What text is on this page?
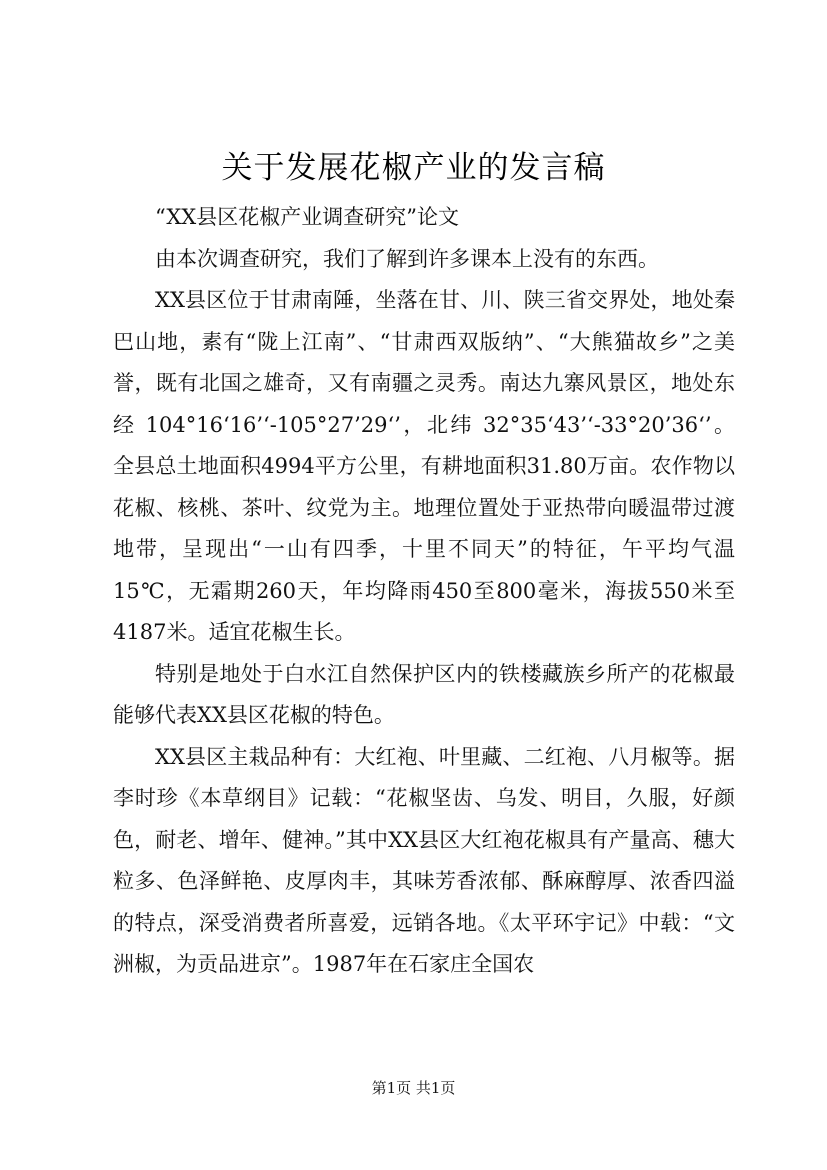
关于发展花椒产业的发言稿

“XX县区花椒产业调查研究”论文

由本次调查研究，我们了解到许多课本上没有的东西。

XX县区位于甘肃南陲，坐落在甘、川、陕三省交界处，地处秦巴山地，素有“陇上江南”、“甘肃西双版纳”、“大熊猫故乡”之美誉，既有北国之雄奇，又有南疆之灵秀。南达九寨风景区，地处东经 104°16‘16’‘-105°27’29‘’，北纬 32°35‘43’‘-33°20’36‘’。全县总土地面积4994平方公里，有耕地面积31.80万亩。农作物以花椒、核桃、茶叶、纹党为主。地理位置处于亚热带向暖温带过渡地带，呈现出“一山有四季，十里不同天”的特征，午平均气温15℃，无霜期260天，年均降雨450至800毫米，海拔550米至4187米。适宜花椒生长。

特别是地处于白水江自然保护区内的铁楼藏族乡所产的花椒最能够代表XX县区花椒的特色。

XX县区主栽品种有：大红袍、叶里藏、二红袍、八月椒等。据李时珍《本草纲目》记载：“花椒坚齿、乌发、明目，久服，好颜色，耐老、增年、健神。”其中XX县区大红袍花椒具有产量高、穗大粒多、色泽鲜艳、皮厚肉丰，其味芳香浓郁、酥麻醇厚、浓香四溢的特点，深受消费者所喜爱，远销各地。《太平环宇记》中载：“文洲椒，为贡品进京”。1987年在石家庄全国农

第1页 共1页
